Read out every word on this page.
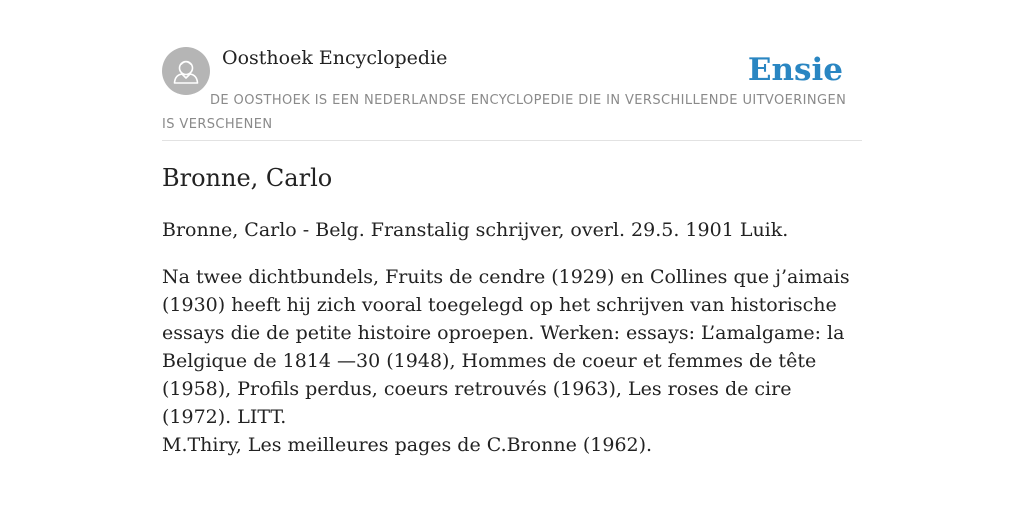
Oosthoek Encyclopedie	Ensie
DE OOSTHOEK IS EEN NEDERLANDSE ENCYCLOPEDIE DIE IN VERSCHILLENDE UITVOERINGEN IS VERSCHENEN
Bronne, Carlo

Bronne, Carlo - Belg. Franstalig schrijver, overl. 29.5. 1901 Luik.

Na twee dichtbundels, Fruits de cendre (1929) en Collines que j’aimais (1930) heeft hij zich vooral toegelegd op het schrijven van historische essays die de petite histoire oproepen. Werken: essays: L’amalgame: la Belgique de 1814 —30 (1948), Hommes de coeur et femmes de tête (1958), Profils perdus, coeurs retrouvés (1963), Les roses de cire (1972). LITT.

M.Thiry, Les meilleures pages de C.Bronne (1962).
